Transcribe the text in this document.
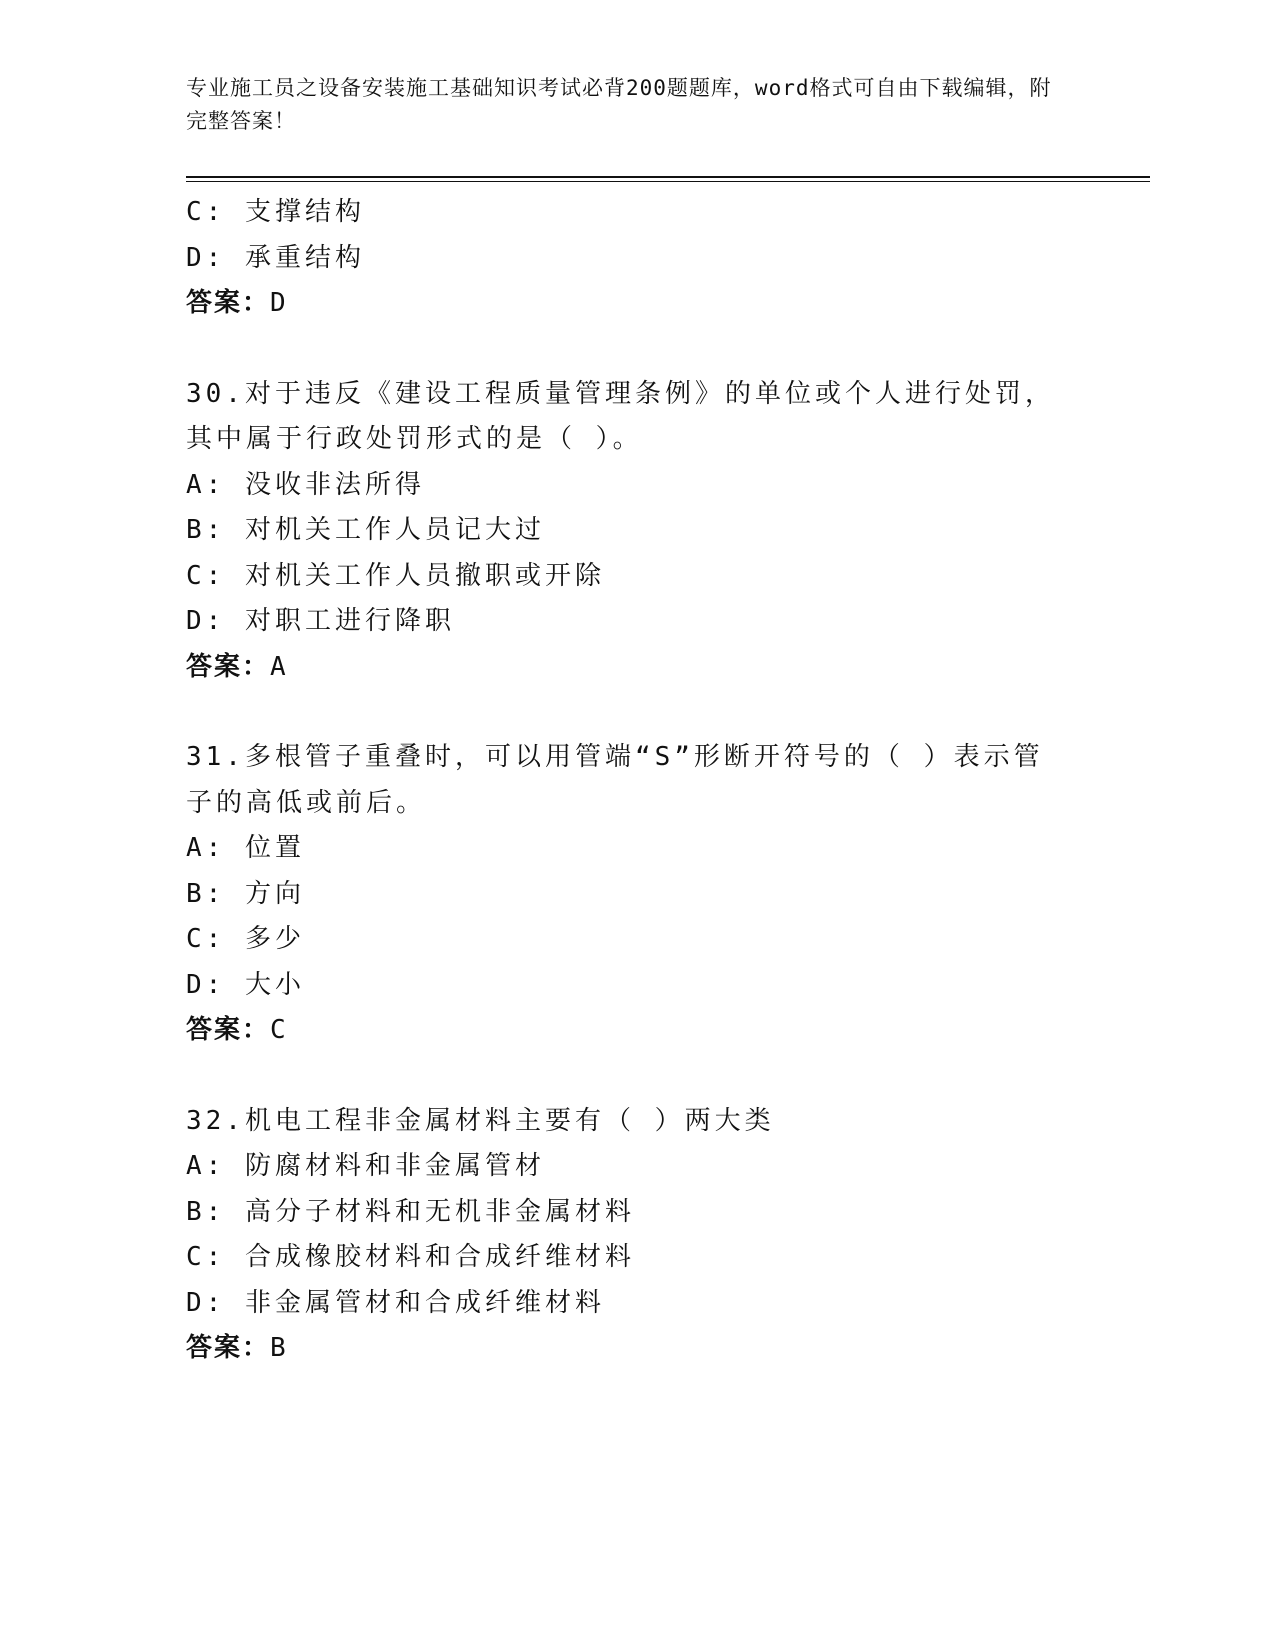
专业施工员之设备安装施工基础知识考试必背200题题库，word格式可自由下载编辑，附完整答案！
C: 支撑结构
D: 承重结构
答案：D
30.对于违反《建设工程质量管理条例》的单位或个人进行处罚，其中属于行政处罚形式的是（ ）。
A: 没收非法所得
B: 对机关工作人员记大过
C: 对机关工作人员撤职或开除
D: 对职工进行降职
答案：A
31.多根管子重叠时，可以用管端“S”形断开符号的（ ）表示管子的高低或前后。
A: 位置
B: 方向
C: 多少
D: 大小
答案：C
32.机电工程非金属材料主要有（ ）两大类
A: 防腐材料和非金属管材
B: 高分子材料和无机非金属材料
C: 合成橡胶材料和合成纤维材料
D: 非金属管材和合成纤维材料
答案：B
